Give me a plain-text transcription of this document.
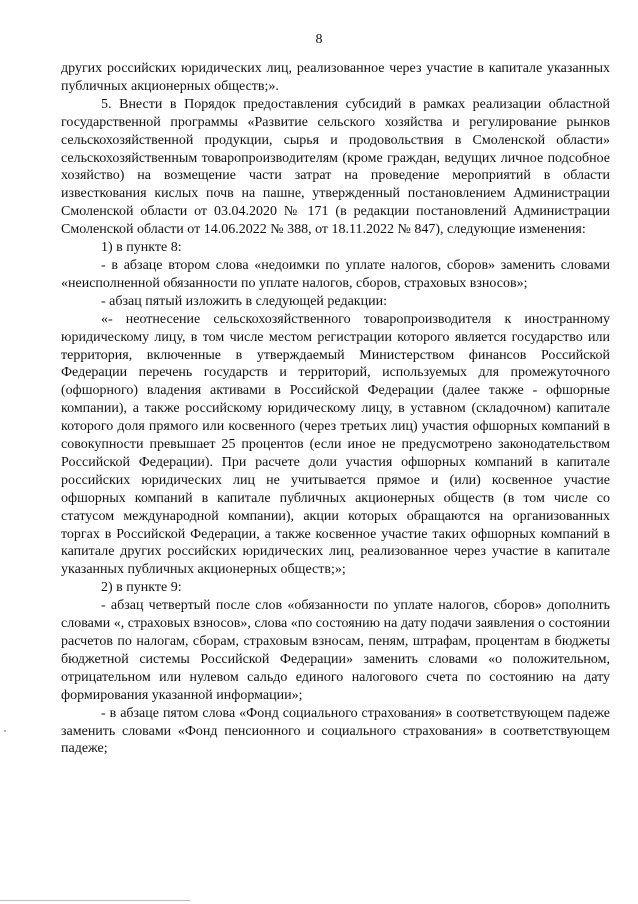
8

других российских юридических лиц, реализованное через участие в капитале указанных публичных акционерных обществ;».

5. Внести в Порядок предоставления субсидий в рамках реализации областной государственной программы «Развитие сельского хозяйства и регулирование рынков сельскохозяйственной продукции, сырья и продовольствия в Смоленской области» сельскохозяйственным товаропроизводителям (кроме граждан, ведущих личное подсобное хозяйство) на возмещение части затрат на проведение мероприятий в области известкования кислых почв на пашне, утвержденный постановлением Администрации Смоленской области от 03.04.2020 № 171 (в редакции постановлений Администрации Смоленской области от 14.06.2022 № 388, от 18.11.2022 № 847), следующие изменения:

1) в пункте 8:

- в абзаце втором слова «недоимки по уплате налогов, сборов» заменить словами «неисполненной обязанности по уплате налогов, сборов, страховых взносов»;

- абзац пятый изложить в следующей редакции:

«- неотнесение сельскохозяйственного товаропроизводителя к иностранному юридическому лицу, в том числе местом регистрации которого является государство или территория, включенные в утверждаемый Министерством финансов Российской Федерации перечень государств и территорий, используемых для промежуточного (офшорного) владения активами в Российской Федерации (далее также - офшорные компании), а также российскому юридическому лицу, в уставном (складочном) капитале которого доля прямого или косвенного (через третьих лиц) участия офшорных компаний в совокупности превышает 25 процентов (если иное не предусмотрено законодательством Российской Федерации). При расчете доли участия офшорных компаний в капитале российских юридических лиц не учитывается прямое и (или) косвенное участие офшорных компаний в капитале публичных акционерных обществ (в том числе со статусом международной компании), акции которых обращаются на организованных торгах в Российской Федерации, а также косвенное участие таких офшорных компаний в капитале других российских юридических лиц, реализованное через участие в капитале указанных публичных акционерных обществ;»;

2) в пункте 9:

- абзац четвертый после слов «обязанности по уплате налогов, сборов» дополнить словами «, страховых взносов», слова «по состоянию на дату подачи заявления о состоянии расчетов по налогам, сборам, страховым взносам, пеням, штрафам, процентам в бюджеты бюджетной системы Российской Федерации» заменить словами «о положительном, отрицательном или нулевом сальдо единого налогового счета по состоянию на дату формирования указанной информации»;

- в абзаце пятом слова «Фонд социального страхования» в соответствующем падеже заменить словами «Фонд пенсионного и социального страхования» в соответствующем падеже;
